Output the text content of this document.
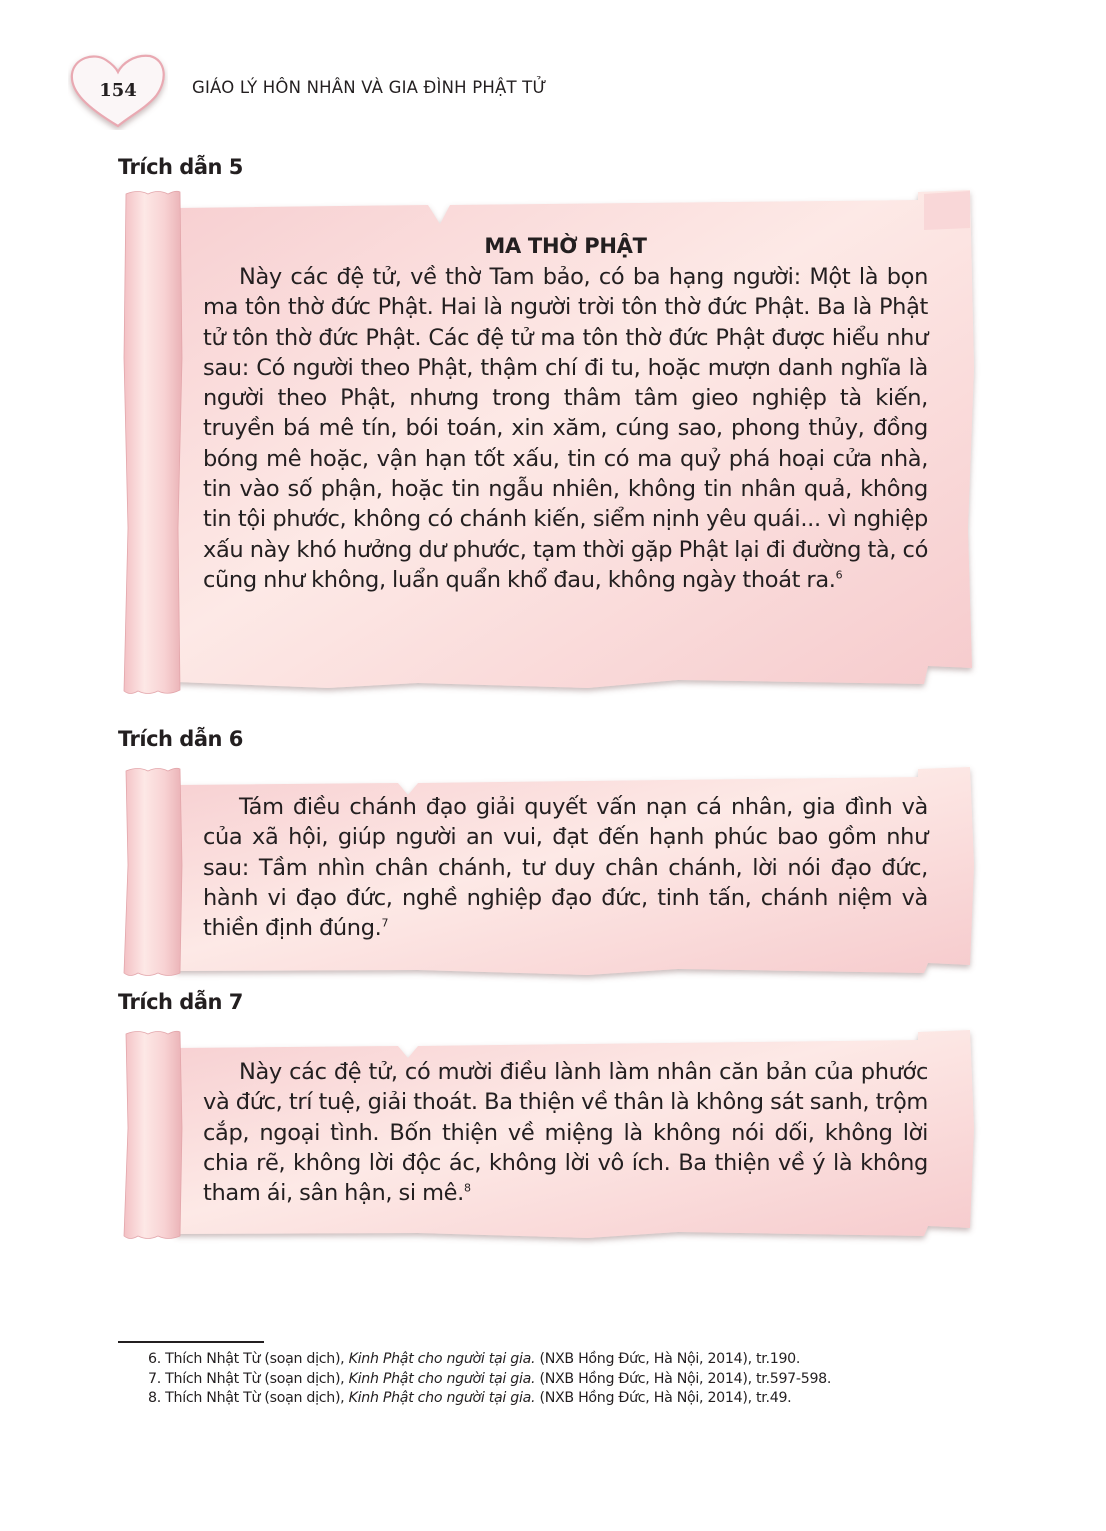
154	GIÁO LÝ HÔN NHÂN VÀ GIA ĐÌNH PHẬT TỬ
Trích dẫn 5
MA THỜ PHẬT

Này các đệ tử, về thờ Tam bảo, có ba hạng người: Một là bọn ma tôn thờ đức Phật. Hai là người trời tôn thờ đức Phật. Ba là Phật tử tôn thờ đức Phật. Các đệ tử ma tôn thờ đức Phật được hiểu như sau: Có người theo Phật, thậm chí đi tu, hoặc mượn danh nghĩa là người theo Phật, nhưng trong thâm tâm gieo nghiệp tà kiến, truyền bá mê tín, bói toán, xin xăm, cúng sao, phong thủy, đồng bóng mê hoặc, vận hạn tốt xấu, tin có ma quỷ phá hoại cửa nhà, tin vào số phận, hoặc tin ngẫu nhiên, không tin nhân quả, không tin tội phước, không có chánh kiến, siểm nịnh yêu quái... vì nghiệp xấu này khó hưởng dư phước, tạm thời gặp Phật lại đi đường tà, có cũng như không, luẩn quẩn khổ đau, không ngày thoát ra.$^6$

Trích dẫn 6

Tám điều chánh đạo giải quyết vấn nạn cá nhân, gia đình và của xã hội, giúp người an vui, đạt đến hạnh phúc bao gồm như sau: Tầm nhìn chân chánh, tư duy chân chánh, lời nói đạo đức, hành vi đạo đức, nghề nghiệp đạo đức, tinh tấn, chánh niệm và thiền định đúng.$^7$

Trích dẫn 7

Này các đệ tử, có mười điều lành làm nhân căn bản của phước và đức, trí tuệ, giải thoát. Ba thiện về thân là không sát sanh, trộm cắp, ngoại tình. Bốn thiện về miệng là không nói dối, không lời chia rẽ, không lời độc ác, không lời vô ích. Ba thiện về ý là không tham ái, sân hận, si mê.$^8$

6. Thích Nhật Từ (soạn dịch), Kinh Phật cho người tại gia. (NXB Hồng Đức, Hà Nội, 2014), tr.190.

7. Thích Nhật Từ (soạn dịch), Kinh Phật cho người tại gia. (NXB Hồng Đức, Hà Nội, 2014), tr.597-598.

8. Thích Nhật Từ (soạn dịch), Kinh Phật cho người tại gia. (NXB Hồng Đức, Hà Nội, 2014), tr.49.
